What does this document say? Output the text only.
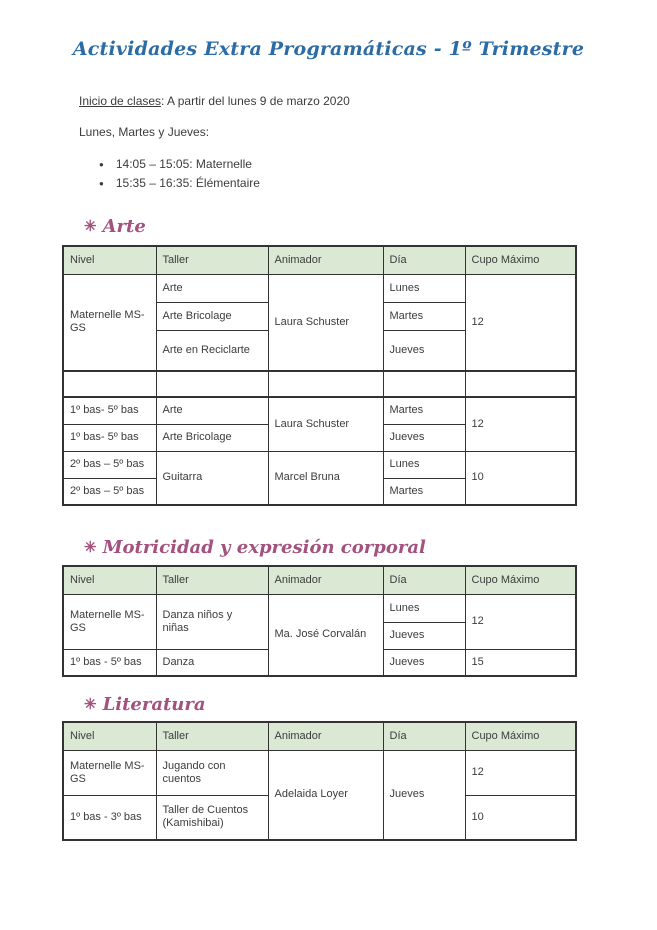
Actividades Extra Programáticas - 1º Trimestre

Inicio de clases: A partir del lunes 9 de marzo 2020

Lunes, Martes y Jueves:

● 14:05 – 15:05: Maternelle
● 15:35 – 16:35: Élémentaire
✳ Arte
Nivel	Taller	Animador	Día	Cupo Máximo
Maternelle MS-GS	Arte	Laura Schuster	Lunes	12
	Arte Bricolage		Martes	
	Arte en Reciclarte		Jueves	

1º bas- 5º bas	Arte	Laura Schuster	Martes	12
1º bas- 5º bas	Arte Bricolage		Jueves	
2º bas – 5º bas	Guitarra	Marcel Bruna	Lunes	10
2º bas – 5º bas			Martes	
✳ Motricidad y expresión corporal
Nivel	Taller	Animador	Día	Cupo Máximo
Maternelle MS-GS	Danza niños y niñas	Ma. José Corvalán	Lunes	12
			Jueves	
1º bas - 5º bas	Danza		Jueves	15
✳ Literatura
Nivel	Taller	Animador	Día	Cupo Máximo
Maternelle MS-GS	Jugando con cuentos	Adelaida Loyer	Jueves	12
1º bas - 3º bas	Taller de Cuentos (Kamishibai)			10
